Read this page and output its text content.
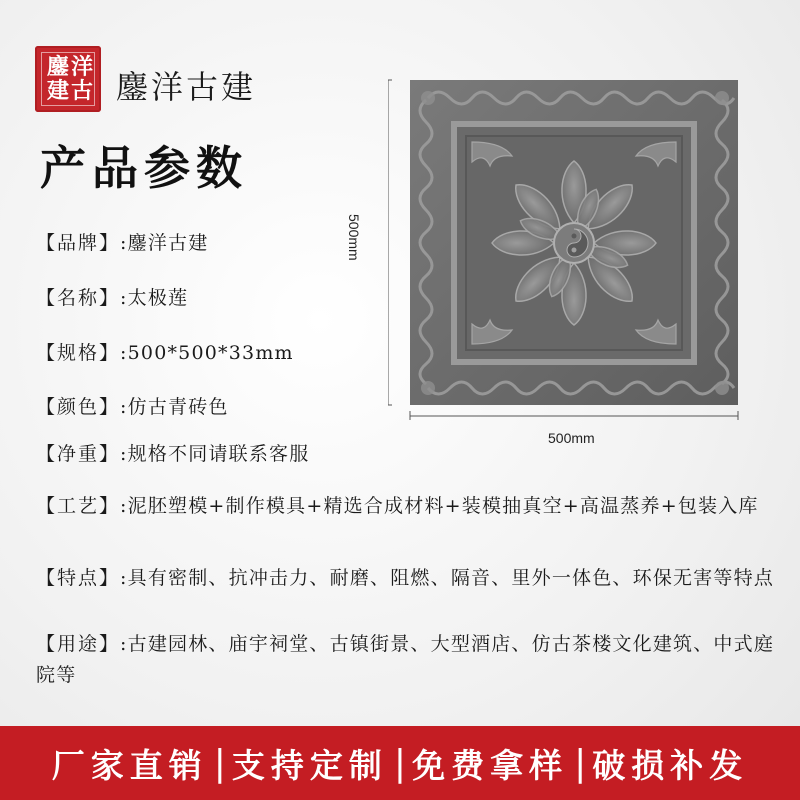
洋
古
鏖
建 鏖洋古建
产品参数
【品牌】:鏖洋古建
【名称】:太极莲
【规格】:500*500*33mm
【颜色】:仿古青砖色
【净重】:规格不同请联系客服
【工艺】:泥胚塑模+制作模具+精选合成材料+装模抽真空+高温蒸养+包装入库
【特点】:具有密制、抗冲击力、耐磨、阻燃、隔音、里外一体色、环保无害等特点
【用途】:古建园林、庙宇祠堂、古镇街景、大型酒店、仿古茶楼文化建筑、中式庭院等
500mm
500mm
厂家直销 | 支持定制 | 免费拿样 | 破损补发
